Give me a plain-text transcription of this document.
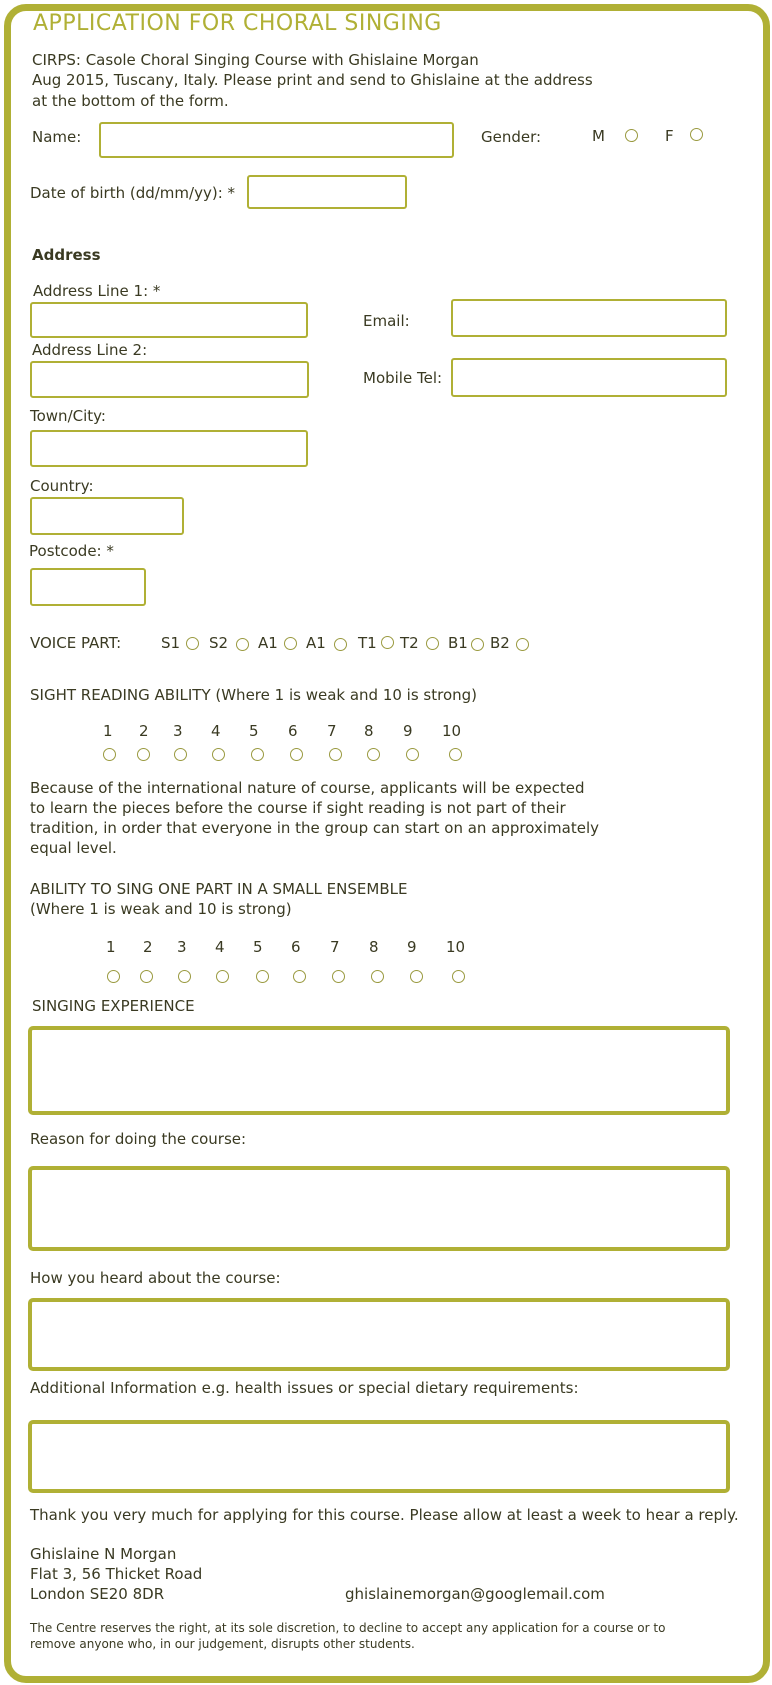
APPLICATION FOR CHORAL SINGING
CIRPS: Casole Choral Singing Course with Ghislaine Morgan
Aug 2015, Tuscany, Italy. Please print and send to Ghislaine at the address
at the bottom of the form.
Name:	Gender:	M	F
Date of birth (dd/mm/yy): *
Address
Address Line 1: *
Email:
Address Line 2:
Mobile Tel:
Town/City:
Country:
Postcode: *
VOICE PART:	S1 S2 A1 A1 T1 T2 B1 B2
SIGHT READING ABILITY (Where 1 is weak and 10 is strong)
1 2 3 4 5 6 7 8 9 10
Because of the international nature of course, applicants will be expected
to learn the pieces before the course if sight reading is not part of their
tradition, in order that everyone in the group can start on an approximately
equal level.
ABILITY TO SING ONE PART IN A SMALL ENSEMBLE
(Where 1 is weak and 10 is strong)
1 2 3 4 5 6 7 8 9 10
SINGING EXPERIENCE
Reason for doing the course:
How you heard about the course:
Additional Information e.g. health issues or special dietary requirements:
Thank you very much for applying for this course. Please allow at least a week to hear a reply.
Ghislaine N Morgan
Flat 3, 56 Thicket Road
London SE20 8DR	ghislainemorgan@googlemail.com
The Centre reserves the right, at its sole discretion, to decline to accept any application for a course or to
remove anyone who, in our judgement, disrupts other students.
